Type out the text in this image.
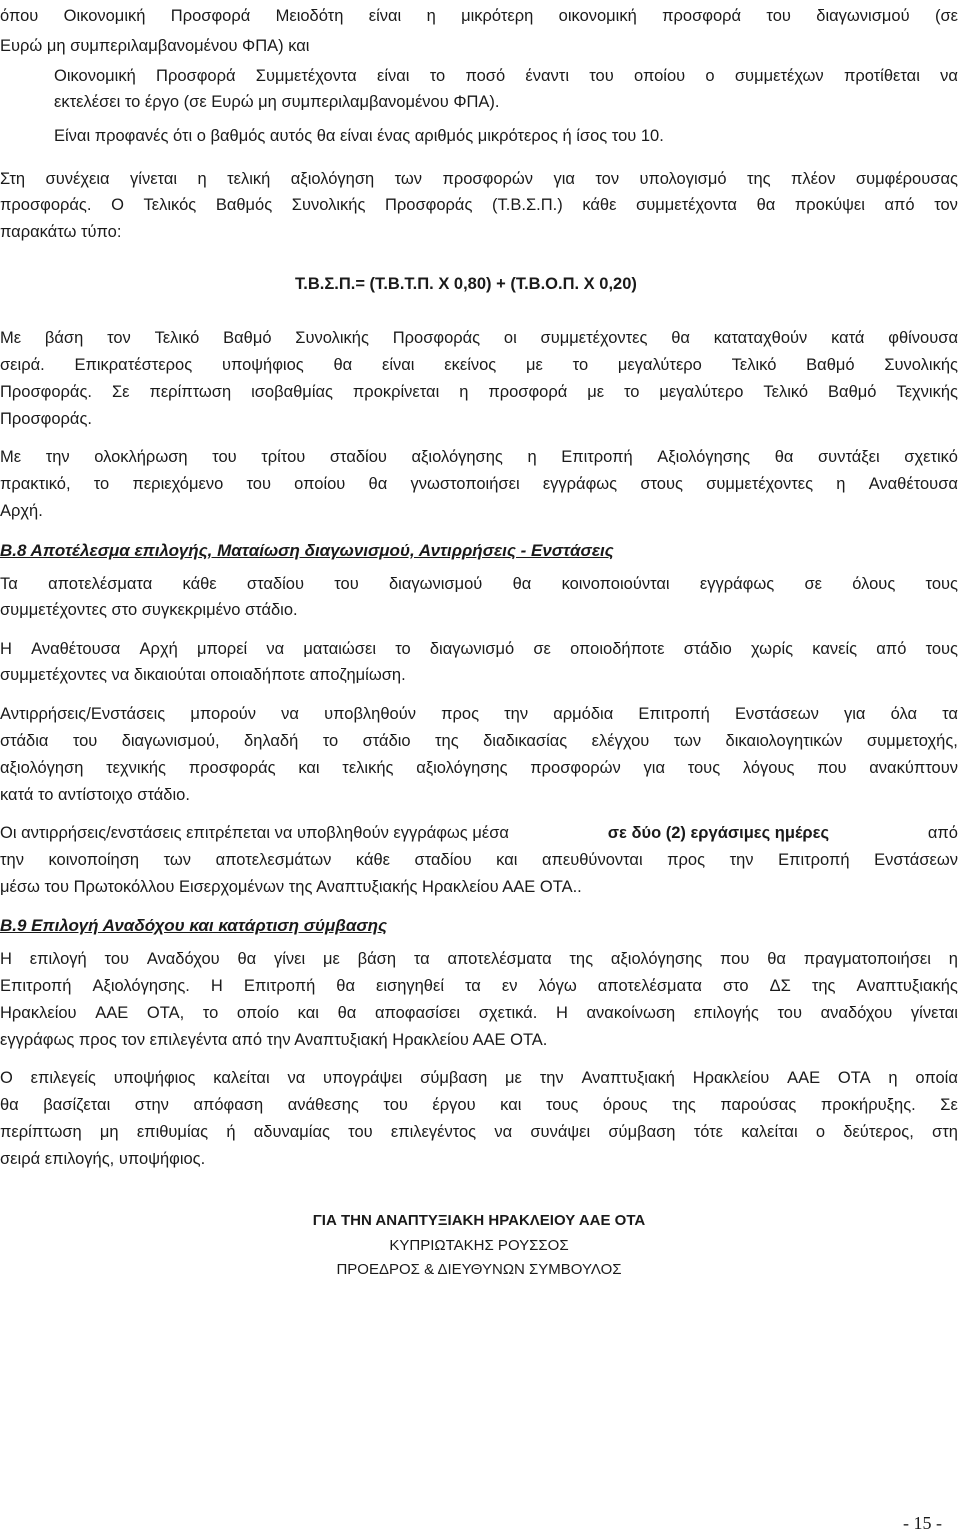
όπου Οικονομική Προσφορά Μειοδότη είναι η μικρότερη οικονομική προσφορά του διαγωνισμού (σε
Ευρώ μη συμπεριλαμβανομένου ΦΠΑ) και
Οικονομική Προσφορά Συμμετέχοντα είναι το ποσό έναντι του οποίου ο συμμετέχων προτίθεται να
εκτελέσει το έργο (σε Ευρώ μη συμπεριλαμβανομένου ΦΠΑ).
Είναι προφανές ότι ο βαθμός αυτός θα είναι ένας αριθμός μικρότερος ή ίσος του 10.
Στη συνέχεια γίνεται η τελική αξιολόγηση των προσφορών για τον υπολογισμό της πλέον συμφέρουσας
προσφοράς. Ο Τελικός Βαθμός Συνολικής Προσφοράς (Τ.Β.Σ.Π.) κάθε συμμετέχοντα θα προκύψει από τον
παρακάτω τύπο:
Τ.Β.Σ.Π.= (Τ.Β.Τ.Π. Χ 0,80) + (Τ.Β.Ο.Π. Χ 0,20)
Με βάση τον Τελικό Βαθμό Συνολικής Προσφοράς οι συμμετέχοντες θα καταταχθούν κατά φθίνουσα
σειρά. Επικρατέστερος υποψήφιος θα είναι εκείνος με το μεγαλύτερο Τελικό Βαθμό Συνολικής
Προσφοράς. Σε περίπτωση ισοβαθμίας προκρίνεται η προσφορά με το μεγαλύτερο Τελικό Βαθμό Τεχνικής
Προσφοράς.
Με την ολοκλήρωση του τρίτου σταδίου αξιολόγησης η Επιτροπή Αξιολόγησης θα συντάξει σχετικό
πρακτικό, το περιεχόμενο του οποίου θα γνωστοποιήσει εγγράφως στους συμμετέχοντες η Αναθέτουσα
Αρχή.
Β.8 Αποτέλεσμα επιλογής, Ματαίωση διαγωνισμού, Αντιρρήσεις - Ενστάσεις
Τα αποτελέσματα κάθε σταδίου του διαγωνισμού θα κοινοποιούνται εγγράφως σε όλους τους
συμμετέχοντες στο συγκεκριμένο στάδιο.
Η Αναθέτουσα Αρχή μπορεί να ματαιώσει το διαγωνισμό σε οποιοδήποτε στάδιο χωρίς κανείς από τους
συμμετέχοντες να δικαιούται οποιαδήποτε αποζημίωση.
Αντιρρήσεις/Ενστάσεις μπορούν να υποβληθούν προς την αρμόδια Επιτροπή Ενστάσεων για όλα τα
στάδια του διαγωνισμού, δηλαδή το στάδιο της διαδικασίας ελέγχου των δικαιολογητικών συμμετοχής,
αξιολόγηση τεχνικής προσφοράς και τελικής αξιολόγησης προσφορών για τους λόγους που ανακύπτουν
κατά το αντίστοιχο στάδιο.
Οι αντιρρήσεις/ενστάσεις επιτρέπεται να υποβληθούν εγγράφως μέσα	σε δύο (2) εργάσιμες ημέρες	από
την κοινοποίηση των αποτελεσμάτων κάθε σταδίου και απευθύνονται προς την Επιτροπή Ενστάσεων
μέσω του Πρωτοκόλλου Εισερχομένων της Αναπτυξιακής Ηρακλείου ΑΑΕ ΟΤΑ..
Β.9 Επιλογή Αναδόχου και κατάρτιση σύμβασης
Η επιλογή του Αναδόχου θα γίνει με βάση τα αποτελέσματα της αξιολόγησης που θα πραγματοποιήσει η
Επιτροπή Αξιολόγησης. Η Επιτροπή θα εισηγηθεί τα εν λόγω αποτελέσματα στο ΔΣ της Αναπτυξιακής
Ηρακλείου ΑΑΕ ΟΤΑ, το οποίο και θα αποφασίσει σχετικά. Η ανακοίνωση επιλογής του αναδόχου γίνεται
εγγράφως προς τον επιλεγέντα από την Αναπτυξιακή Ηρακλείου ΑΑΕ ΟΤΑ.
Ο επιλεγείς υποψήφιος καλείται να υπογράψει σύμβαση με την Αναπτυξιακή Ηρακλείου ΑΑΕ ΟΤΑ η οποία
θα βασίζεται στην απόφαση ανάθεσης του έργου και τους όρους της παρούσας προκήρυξης. Σε
περίπτωση μη επιθυμίας ή αδυναμίας του επιλεγέντος να συνάψει σύμβαση τότε καλείται ο δεύτερος, στη
σειρά επιλογής, υποψήφιος.
ΓΙΑ ΤΗΝ ΑΝΑΠΤΥΞΙΑΚΗ ΗΡΑΚΛΕΙΟΥ ΑΑΕ ΟΤΑ
ΚΥΠΡΙΩΤΑΚΗΣ ΡΟΥΣΣΟΣ
ΠΡΟΕΔΡΟΣ & ΔΙΕΥΘΥΝΩΝ ΣΥΜΒΟΥΛΟΣ
- 15 -
